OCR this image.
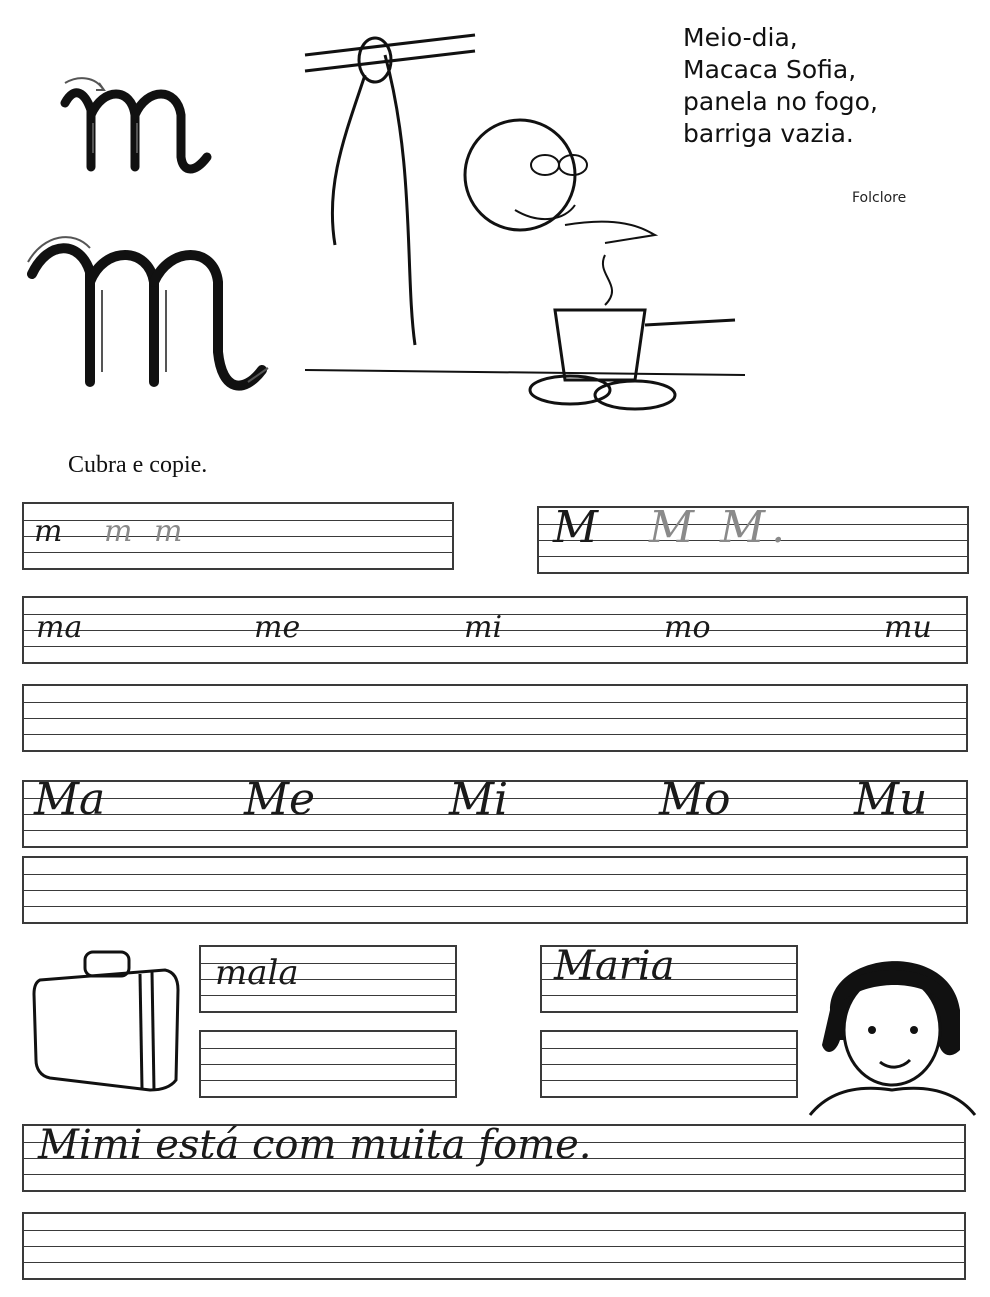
Meio-dia,
Macaca Sofia,
panela no fogo,
barriga vazia.
Folclore
Cubra e copie.
m m m	M M M.
ma	me	mi	mo	mu
Ma	Me	Mi	Mo	Mu
mala	Maria
Mimi está com muita fome.
